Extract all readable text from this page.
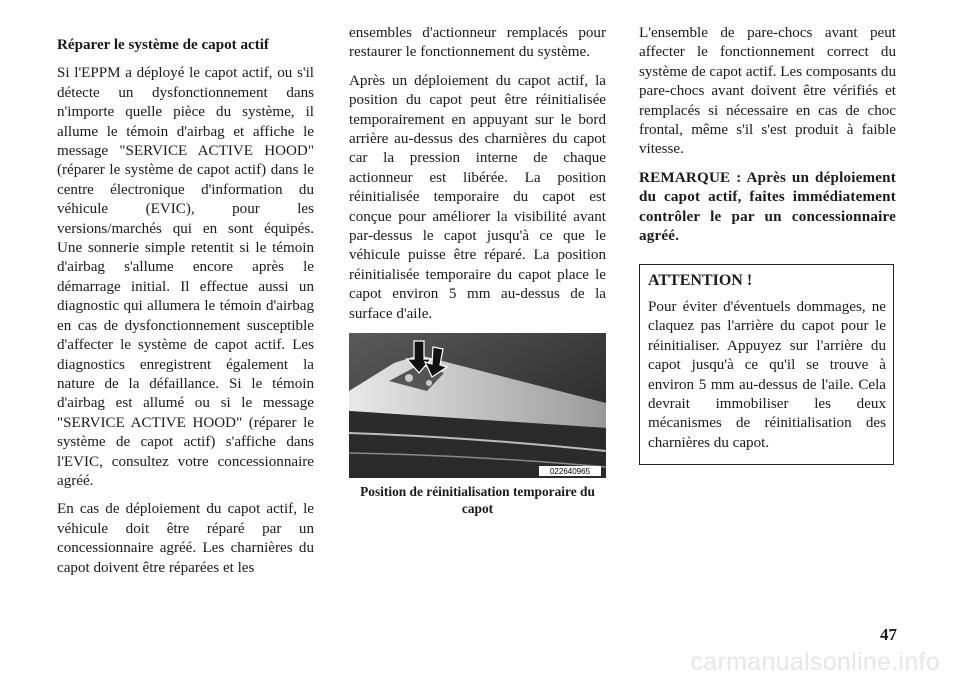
Réparer le système de capot actif

Si l'EPPM a déployé le capot actif, ou s'il détecte un dysfonctionnement dans n'importe quelle pièce du système, il allume le témoin d'airbag et affiche le message "SERVICE ACTIVE HOOD" (réparer le système de capot actif) dans le centre électronique d'information du véhicule (EVIC), pour les versions/marchés qui en sont équipés. Une sonnerie simple retentit si le témoin d'airbag s'allume encore après le démarrage initial. Il effectue aussi un diagnostic qui allumera le témoin d'airbag en cas de dysfonctionnement susceptible d'affecter le système de capot actif. Les diagnostics enregistrent également la nature de la défaillance. Si le témoin d'airbag est allumé ou si le message "SERVICE ACTIVE HOOD" (réparer le système de capot actif) s'affiche dans l'EVIC, consultez votre concessionnaire agréé.

En cas de déploiement du capot actif, le véhicule doit être réparé par un concessionnaire agréé. Les charnières du capot doivent être réparées et les

ensembles d'actionneur remplacés pour restaurer le fonctionnement du système.

Après un déploiement du capot actif, la position du capot peut être réinitialisée temporairement en appuyant sur le bord arrière au-dessus des charnières du capot car la pression interne de chaque actionneur est libérée. La position réinitialisée temporaire du capot est conçue pour améliorer la visibilité avant par-dessus le capot jusqu'à ce que le véhicule puisse être réparé. La position réinitialisée temporaire du capot place le capot environ 5 mm au-dessus de la surface d'aile.

022640965
Position de réinitialisation temporaire du capot

L'ensemble de pare-chocs avant peut affecter le fonctionnement correct du système de capot actif. Les composants du pare-chocs avant doivent être vérifiés et remplacés si nécessaire en cas de choc frontal, même s'il s'est produit à faible vitesse.

REMARQUE : Après un déploiement du capot actif, faites immédiatement contrôler le par un concessionnaire agréé.

ATTENTION !

Pour éviter d'éventuels dommages, ne claquez pas l'arrière du capot pour le réinitialiser. Appuyez sur l'arrière du capot jusqu'à ce qu'il se trouve à environ 5 mm au-dessus de l'aile. Cela devrait immobiliser les deux mécanismes de réinitialisation des charnières du capot.

47
carmanualsonline.info
